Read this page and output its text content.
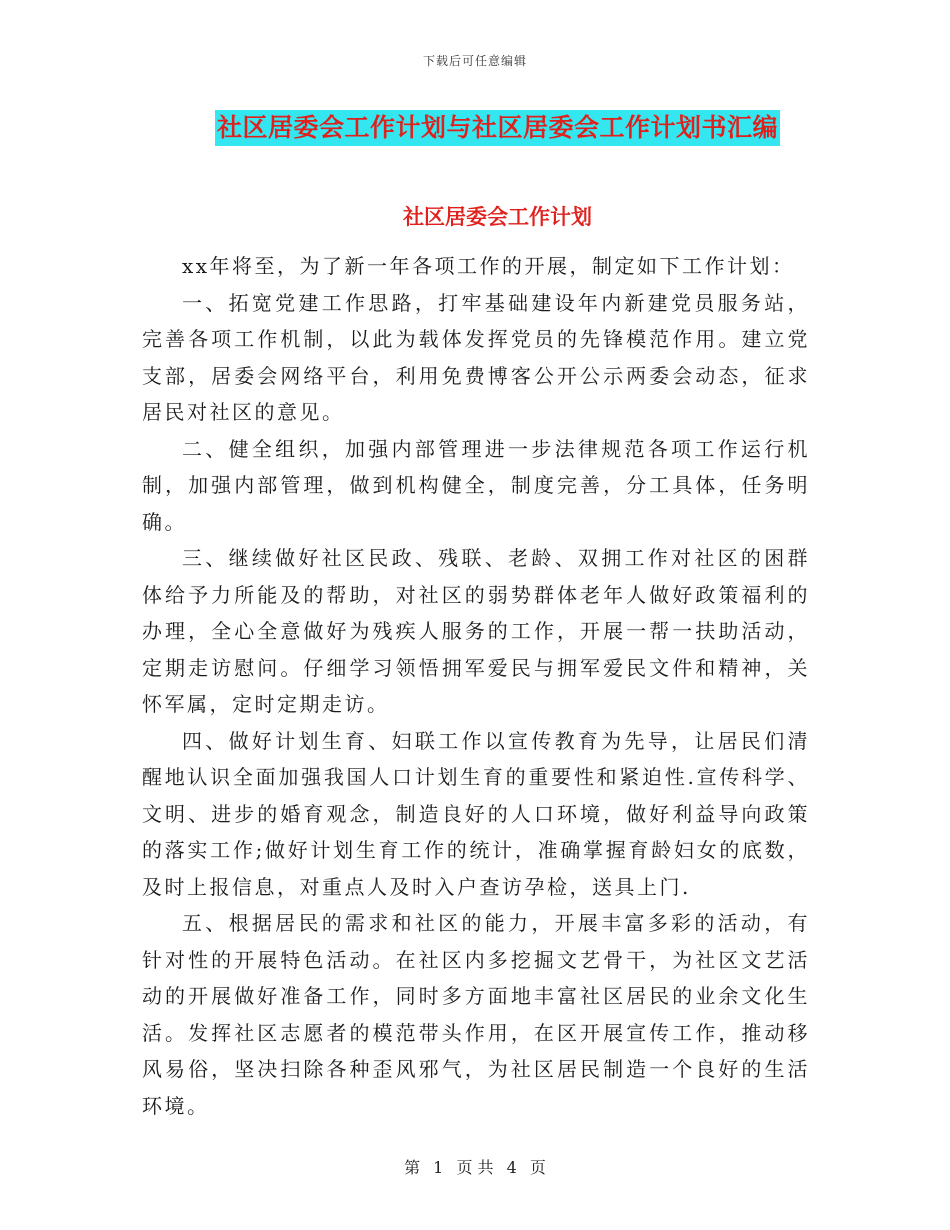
下载后可任意编辑
社区居委会工作计划与社区居委会工作计划书汇编
社区居委会工作计划

xx年将至，为了新一年各项工作的开展，制定如下工作计划：

一、拓宽党建工作思路，打牢基础建设年内新建党员服务站，完善各项工作机制，以此为载体发挥党员的先锋模范作用。建立党支部，居委会网络平台，利用免费博客公开公示两委会动态，征求居民对社区的意见。

二、健全组织，加强内部管理进一步法律规范各项工作运行机制，加强内部管理，做到机构健全，制度完善，分工具体，任务明确。

三、继续做好社区民政、残联、老龄、双拥工作对社区的困群体给予力所能及的帮助，对社区的弱势群体老年人做好政策福利的办理，全心全意做好为残疾人服务的工作，开展一帮一扶助活动，定期走访慰问。仔细学习领悟拥军爱民与拥军爱民文件和精神，关怀军属，定时定期走访。

四、做好计划生育、妇联工作以宣传教育为先导，让居民们清醒地认识全面加强我国人口计划生育的重要性和紧迫性.宣传科学、文明、进步的婚育观念，制造良好的人口环境，做好利益导向政策的落实工作;做好计划生育工作的统计，准确掌握育龄妇女的底数，及时上报信息，对重点人及时入户查访孕检，送具上门.

五、根据居民的需求和社区的能力，开展丰富多彩的活动，有针对性的开展特色活动。在社区内多挖掘文艺骨干，为社区文艺活动的开展做好准备工作，同时多方面地丰富社区居民的业余文化生活。发挥社区志愿者的模范带头作用，在区开展宣传工作，推动移风易俗，坚决扫除各种歪风邪气，为社区居民制造一个良好的生活环境。

第 1 页 共 4 页
